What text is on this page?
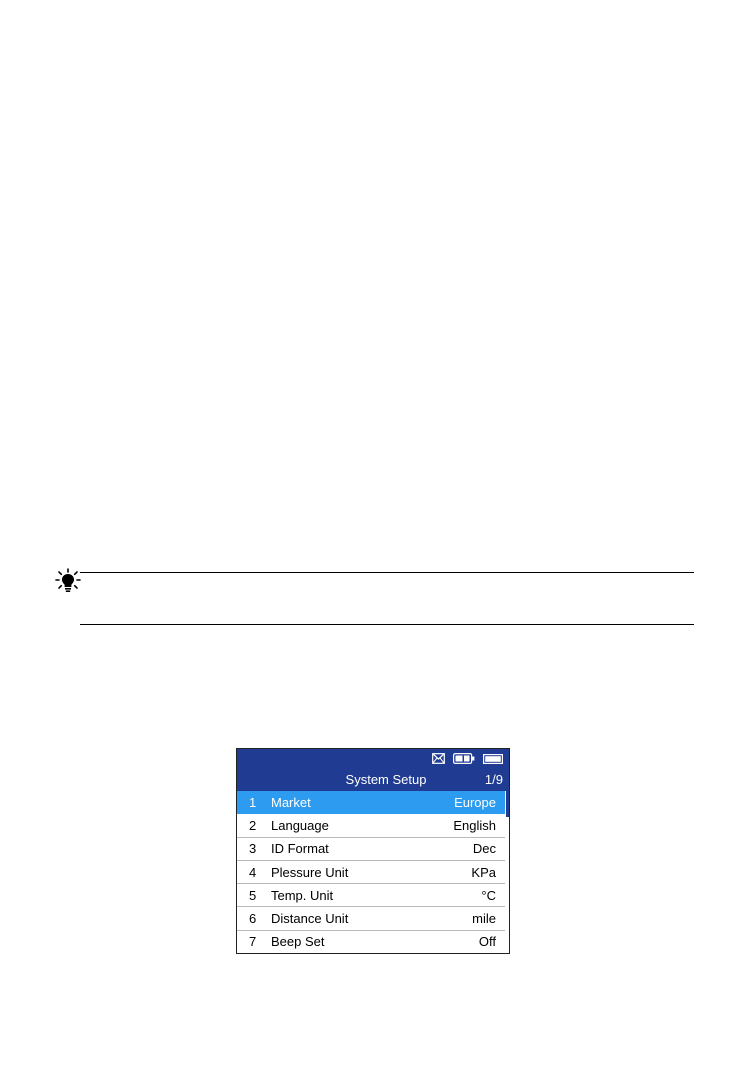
System Setup	1/9
1	Market	Europe
2	Language	English
3	ID Format	Dec
4	Plessure Unit	KPa
5	Temp. Unit	°C
6	Distance Unit	mile
7	Beep Set	Off
